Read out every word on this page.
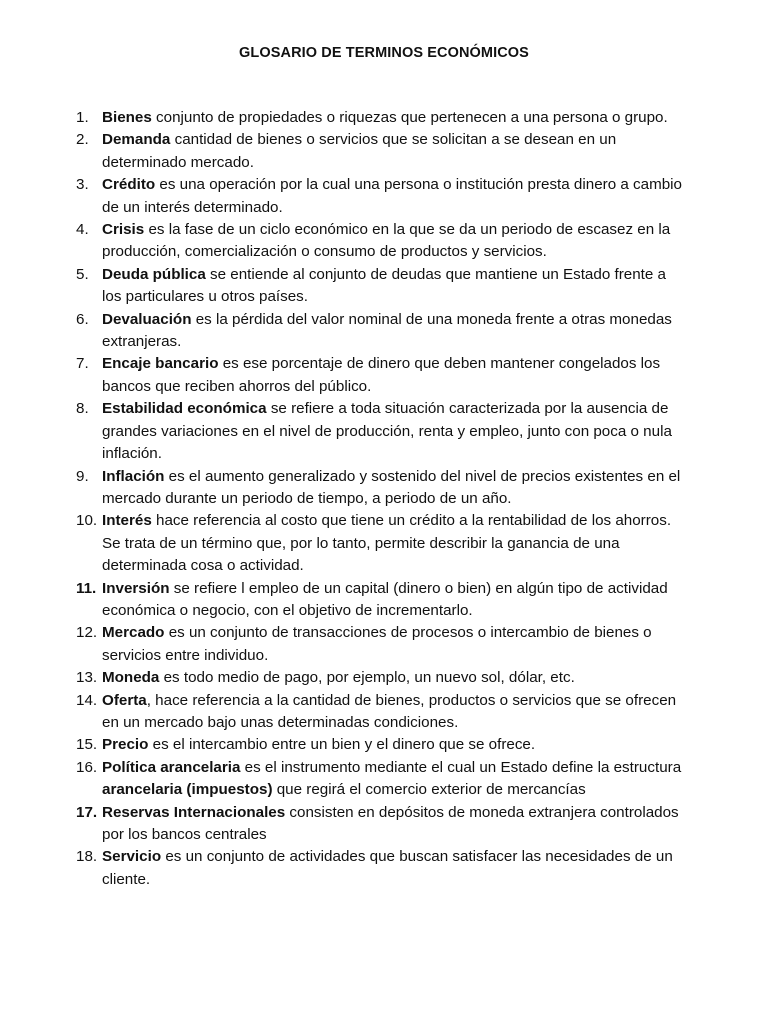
GLOSARIO DE TERMINOS ECONÓMICOS
1. Bienes conjunto de propiedades o riquezas que pertenecen a una persona o grupo.
2. Demanda cantidad de bienes o servicios que se solicitan a se desean en un determinado mercado.
3. Crédito es una operación por la cual una persona o institución presta dinero a cambio de un interés determinado.
4. Crisis es la fase de un ciclo económico en la que se da un periodo de escasez en la producción, comercialización o consumo de productos y servicios.
5. Deuda pública se entiende al conjunto de deudas que mantiene un Estado frente a los particulares u otros países.
6. Devaluación es la pérdida del valor nominal de una moneda frente a otras monedas extranjeras.
7. Encaje bancario es ese porcentaje de dinero que deben mantener congelados los bancos que reciben ahorros del público.
8. Estabilidad económica se refiere a toda situación caracterizada por la ausencia de grandes variaciones en el nivel de producción, renta y empleo, junto con poca o nula inflación.
9. Inflación es el aumento generalizado y sostenido del nivel de precios existentes en el mercado durante un periodo de tiempo, a periodo de un año.
10. Interés hace referencia al costo que tiene un crédito a la rentabilidad de los ahorros. Se trata de un término que, por lo tanto, permite describir la ganancia de una determinada cosa o actividad.
11. Inversión se refiere l empleo de un capital (dinero o bien) en algún tipo de actividad económica o negocio, con el objetivo de incrementarlo.
12. Mercado es un conjunto de transacciones de procesos o intercambio de bienes o servicios entre individuo.
13. Moneda es todo medio de pago, por ejemplo, un nuevo sol, dólar, etc.
14. Oferta, hace referencia a la cantidad de bienes, productos o servicios que se ofrecen en un mercado bajo unas determinadas condiciones.
15. Precio es el intercambio entre un bien y el dinero que se ofrece.
16. Política arancelaria es el instrumento mediante el cual un Estado define la estructura arancelaria (impuestos) que regirá el comercio exterior de mercancías
17. Reservas Internacionales consisten en depósitos de moneda extranjera controlados por los bancos centrales
18. Servicio es un conjunto de actividades que buscan satisfacer las necesidades de un cliente.
